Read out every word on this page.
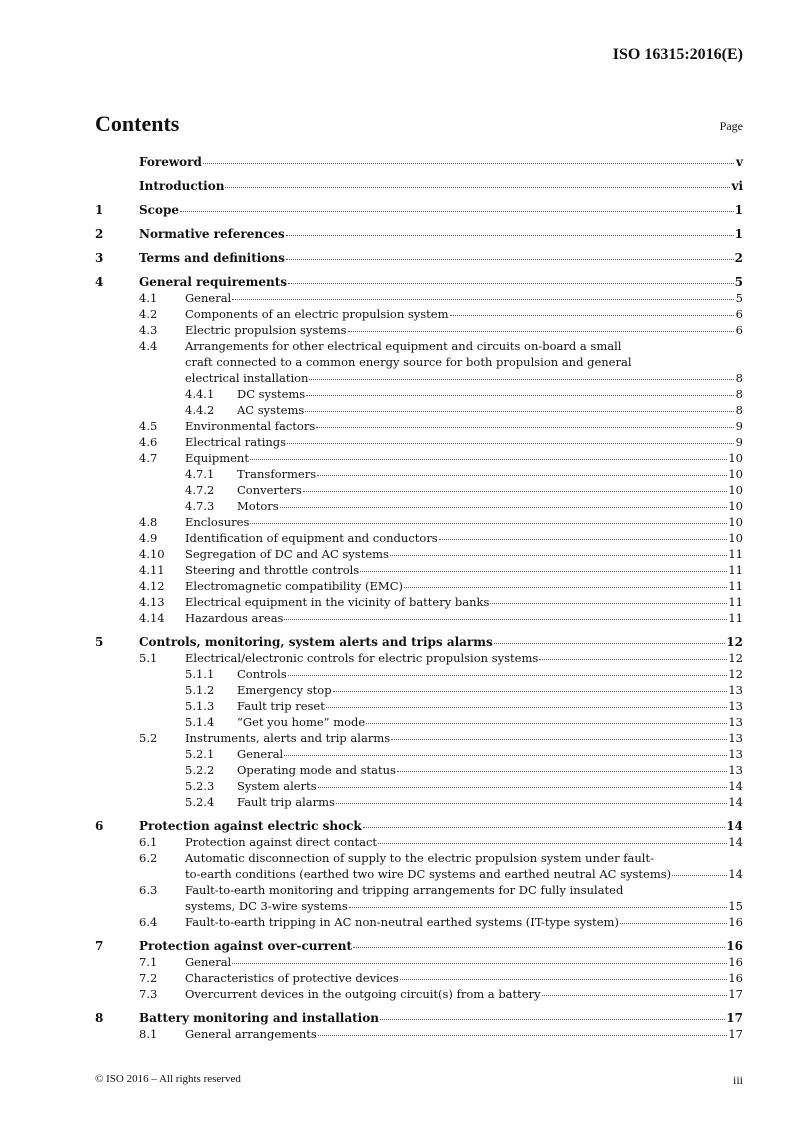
ISO 16315:2016(E)
Contents	Page
Foreword	v
Introduction	vi
1	Scope	1
2	Normative references	1
3	Terms and definitions	2
4	General requirements	5
4.1	General	5
4.2	Components of an electric propulsion system	6
4.3	Electric propulsion systems	6
4.4	Arrangements for other electrical equipment and circuits on-board a small
craft connected to a common energy source for both propulsion and general
electrical installation	8
4.4.1	DC systems	8
4.4.2	AC systems	8
4.5	Environmental factors	9
4.6	Electrical ratings	9
4.7	Equipment	10
4.7.1	Transformers	10
4.7.2	Converters	10
4.7.3	Motors	10
4.8	Enclosures	10
4.9	Identification of equipment and conductors	10
4.10	Segregation of DC and AC systems	11
4.11	Steering and throttle controls	11
4.12	Electromagnetic compatibility (EMC)	11
4.13	Electrical equipment in the vicinity of battery banks	11
4.14	Hazardous areas	11
5	Controls, monitoring, system alerts and trips alarms	12
5.1	Electrical/electronic controls for electric propulsion systems	12
5.1.1	Controls	12
5.1.2	Emergency stop	13
5.1.3	Fault trip reset	13
5.1.4	“Get you home” mode	13
5.2	Instruments, alerts and trip alarms	13
5.2.1	General	13
5.2.2	Operating mode and status	13
5.2.3	System alerts	14
5.2.4	Fault trip alarms	14
6	Protection against electric shock	14
6.1	Protection against direct contact	14
6.2	Automatic disconnection of supply to the electric propulsion system under fault-
to-earth conditions (earthed two wire DC systems and earthed neutral AC systems)	14
6.3	Fault-to-earth monitoring and tripping arrangements for DC fully insulated
systems, DC 3-wire systems	15
6.4	Fault-to-earth tripping in AC non-neutral earthed systems (IT-type system)	16
7	Protection against over-current	16
7.1	General	16
7.2	Characteristics of protective devices	16
7.3	Overcurrent devices in the outgoing circuit(s) from a battery	17
8	Battery monitoring and installation	17
8.1	General arrangements	17
© ISO 2016 – All rights reserved	iii
